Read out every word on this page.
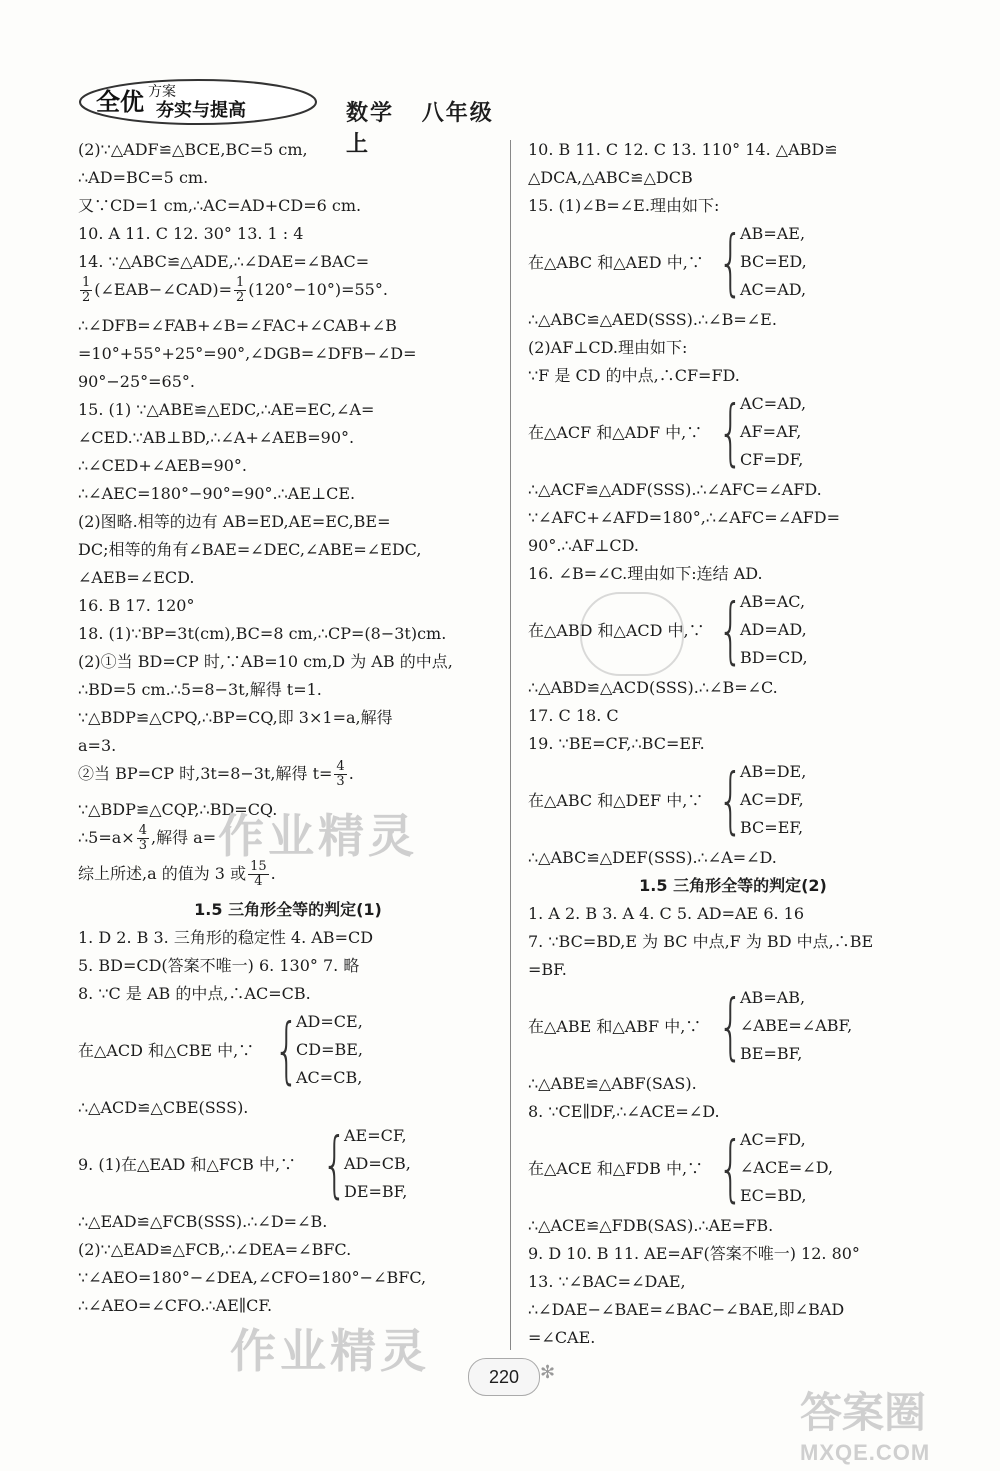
全优 方案
夯实与提高	数学 八年级 上
(2)∵△ADF≌△BCE,BC=5 cm,
∴AD=BC=5 cm.
又∵CD=1 cm,∴AC=AD+CD=6 cm.
10. A 11. C 12. 30° 13. 1 : 4
14. ∵△ABC≌△ADE,∴∠DAE=∠BAC=
$\frac{1}{2}$ (∠EAB−∠CAD)= $\frac{1}{2} (120^\circ-10^\circ)=55^\circ$.
∴∠DFB=∠FAB+∠B=∠FAC+∠CAB+∠B
=10°+55°+25°=90°,∠DGB=∠DFB−∠D=
90°−25°=65°.
15. (1) ∵△ABE≌△EDC,∴AE=EC,∠A=
∠CED.∵AB⊥BD,∴∠A+∠AEB=90°.
∴∠CED+∠AEB=90°.
∴∠AEC=180°−90°=90°.∴AE⊥CE.
(2)图略.相等的边有 AB=ED,AE=EC,BE=
DC;相等的角有∠BAE=∠DEC,∠ABE=∠EDC,
∠AEB=∠ECD.
16. B 17. 120°
18. (1)∵BP=3t(cm),BC=8 cm,∴CP=(8−3t)cm.
(2)①当 BD=CP 时,∵AB=10 cm,D 为 AB 的中点,
∴BD=5 cm.∴5=8−3t,解得 t=1.
∵△BDP≌△CPQ,∴BP=CQ,即 3×1=a,解得
a=3.
②当 BP=CP 时,3t=8−3t,解得 $t= \frac{4}{3}$ .
∵△BDP≌△CQP,∴BD=CQ.
∴5=a× $\frac{4}{3}$ ,解得 a=
综上所述,a 的值为 3 或 $\frac{15}{4}$ .
1.5 三角形全等的判定(1)
1. D 2. B 3. 三角形的稳定性 4. AB=CD
5. BD=CD(答案不唯一) 6. 130° 7. 略
8. ∵C 是 AB 的中点,∴AC=CB.
在△ACD 和△CBE 中,∵ {
AD=CE,
CD=BE,
AC=CB,
∴△ACD≌△CBE(SSS).
9. (1)在△EAD 和△FCB 中,∵ {
AE=CF,
AD=CB,
DE=BF,
∴△EAD≌△FCB(SSS).∴∠D=∠B.
(2)∵△EAD≌△FCB,∴∠DEA=∠BFC.
∵∠AEO=180°−∠DEA,∠CFO=180°−∠BFC,
∴∠AEO=∠CFO.∴AE∥CF.
10. B 11. C 12. C 13. 110° 14. △ABD≌
△DCA,△ABC≌△DCB
15. (1)∠B=∠E.理由如下:
在△ABC 和△AED 中,∵ {
AB=AE,
BC=ED,
AC=AD,
∴△ABC≌△AED(SSS).∴∠B=∠E.
(2)AF⊥CD.理由如下:
∵F 是 CD 的中点,∴CF=FD.
在△ACF 和△ADF 中,∵ {
AC=AD,
AF=AF,
CF=DF,
∴△ACF≌△ADF(SSS).∴∠AFC=∠AFD.
∵∠AFC+∠AFD=180°,∴∠AFC=∠AFD=
90°.∴AF⊥CD.
16. ∠B=∠C.理由如下:连结 AD.
在△ABD 和△ACD 中,∵ {
AB=AC,
AD=AD,
BD=CD,
∴△ABD≌△ACD(SSS).∴∠B=∠C.
17. C 18. C
19. ∵BE=CF,∴BC=EF.
在△ABC 和△DEF 中,∵ {
AB=DE,
AC=DF,
BC=EF,
∴△ABC≌△DEF(SSS).∴∠A=∠D.
1.5 三角形全等的判定(2)
1. A 2. B 3. A 4. C 5. AD=AE 6. 16
7. ∵BC=BD,E 为 BC 中点,F 为 BD 中点,∴BE
=BF.
在△ABE 和△ABF 中,∵ {
AB=AB,
∠ABE=∠ABF,
BE=BF,
∴△ABE≌△ABF(SAS).
8. ∵CE∥DF,∴∠ACE=∠D.
在△ACE 和△FDB 中,∵ {
AC=FD,
∠ACE=∠D,
EC=BD,
∴△ACE≌△FDB(SAS).∴AE=FB.
9. D 10. B 11. AE=AF(答案不唯一) 12. 80°
13. ∵∠BAC=∠DAE,
∴∠DAE−∠BAE=∠BAC−∠BAE,即∠BAD
=∠CAE.
作业精灵
作业精灵	220	✻
答案圈
MXQE.COM
